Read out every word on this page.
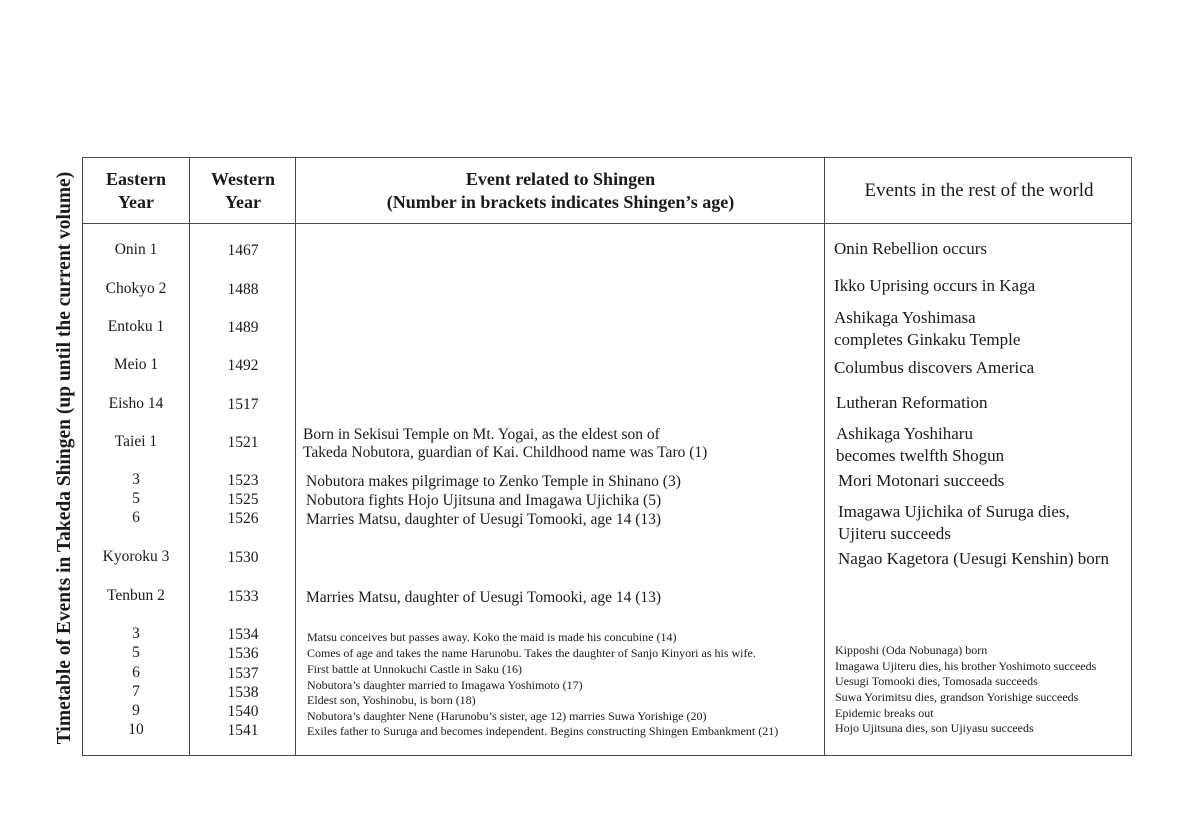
Timetable of Events in Takeda Shingen (up until the current volume) Eastern Year
Western Year
Event related to Shingen
(Number in brackets indicates Shingen’s age)
Events in the rest of the world
Onin 1
Chokyo 2
Entoku 1
Meio 1
Eisho 14
Taiei 1
3
5
6
Kyoroku 3
Tenbun 2
3
5
6
7
9
10
1467
1488
1489
1492
1517
1521
1523
1525
1526
1530
1533
1534
1536
1537
1538
1540
1541
Born in Sekisui Temple on Mt. Yogai, as the eldest son of
Takeda Nobutora, guardian of Kai. Childhood name was Taro (1)
Nobutora makes pilgrimage to Zenko Temple in Shinano (3)
Nobutora fights Hojo Ujitsuna and Imagawa Ujichika (5)
Marries Matsu, daughter of Uesugi Tomooki, age 14 (13)
Marries Matsu, daughter of Uesugi Tomooki, age 14 (13)
Matsu conceives but passes away. Koko the maid is made his concubine (14)
Comes of age and takes the name Harunobu. Takes the daughter of Sanjo Kinyori as his wife.
First battle at Unnokuchi Castle in Saku (16)
Nobutora’s daughter married to Imagawa Yoshimoto (17)
Eldest son, Yoshinobu, is born (18)
Nobutora’s daughter Nene (Harunobu’s sister, age 12) marries Suwa Yorishige (20)
Exiles father to Suruga and becomes independent. Begins constructing Shingen Embankment (21)
Onin Rebellion occurs
Ikko Uprising occurs in Kaga
Ashikaga Yoshimasa
completes Ginkaku Temple
Columbus discovers America
Lutheran Reformation
Ashikaga Yoshiharu
becomes twelfth Shogun
Mori Motonari succeeds
Imagawa Ujichika of Suruga dies,
Ujiteru succeeds
Nagao Kagetora (Uesugi Kenshin) born
Kipposhi (Oda Nobunaga) born
Imagawa Ujiteru dies, his brother Yoshimoto succeeds
Uesugi Tomooki dies, Tomosada succeeds
Suwa Yorimitsu dies, grandson Yorishige succeeds
Epidemic breaks out
Hojo Ujitsuna dies, son Ujiyasu succeeds
